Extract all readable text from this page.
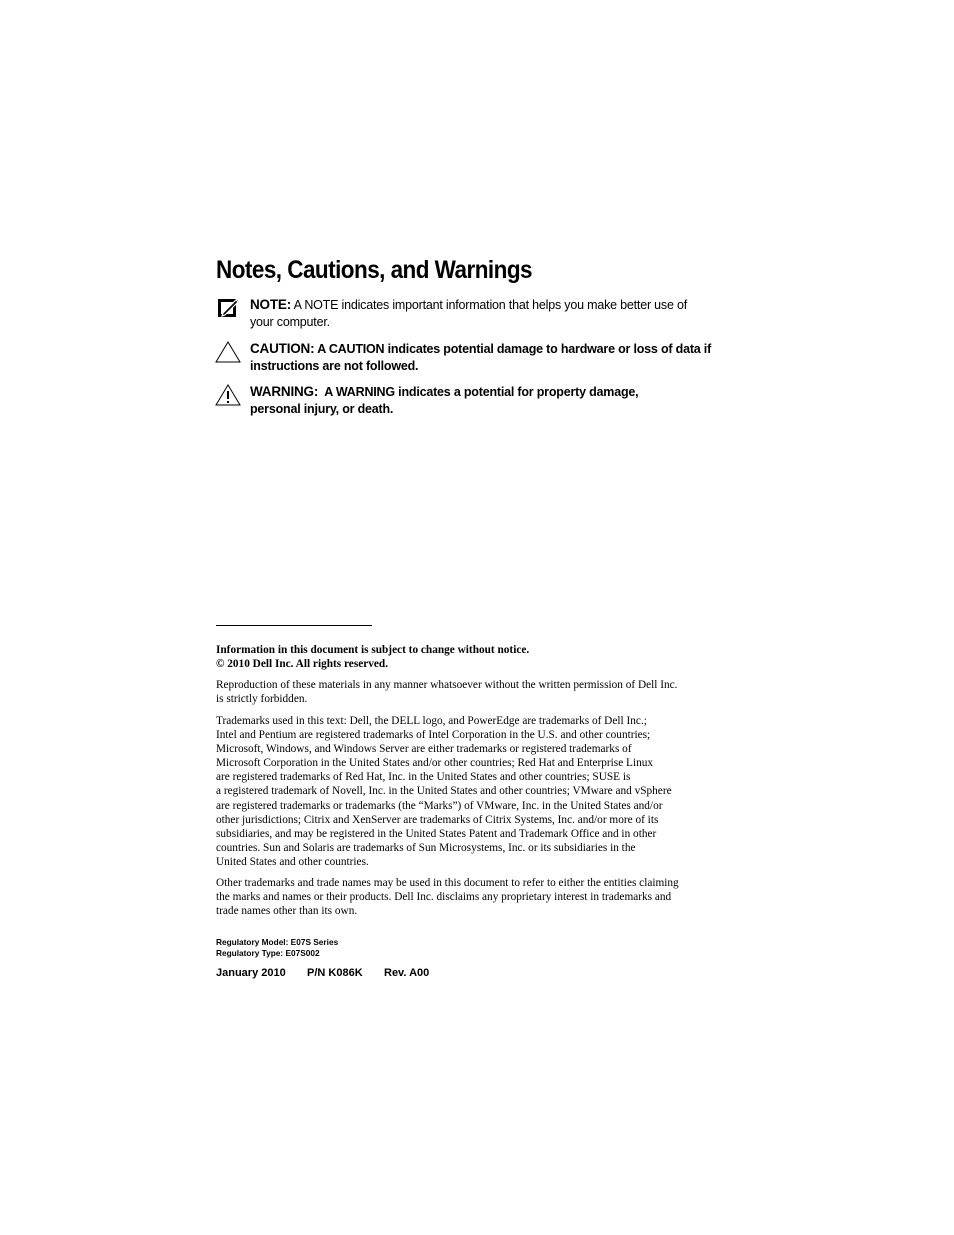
Notes, Cautions, and Warnings
NOTE: A NOTE indicates important information that helps you make better use of
your computer.
CAUTION: A CAUTION indicates potential damage to hardware or loss of data if
instructions are not followed.
WARNING: A WARNING indicates a potential for property damage,
personal injury, or death.
Information in this document is subject to change without notice.
© 2010 Dell Inc. All rights reserved.
Reproduction of these materials in any manner whatsoever without the written permission of Dell Inc.
is strictly forbidden.
Trademarks used in this text: Dell, the DELL logo, and PowerEdge are trademarks of Dell Inc.;
Intel and Pentium are registered trademarks of Intel Corporation in the U.S. and other countries;
Microsoft, Windows, and Windows Server are either trademarks or registered trademarks of
Microsoft Corporation in the United States and/or other countries; Red Hat and Enterprise Linux
are registered trademarks of Red Hat, Inc. in the United States and other countries; SUSE is
a registered trademark of Novell, Inc. in the United States and other countries; VMware and vSphere
are registered trademarks or trademarks (the “Marks”) of VMware, Inc. in the United States and/or
other jurisdictions; Citrix and XenServer are trademarks of Citrix Systems, Inc. and/or more of its
subsidiaries, and may be registered in the United States Patent and Trademark Office and in other
countries. Sun and Solaris are trademarks of Sun Microsystems, Inc. or its subsidiaries in the
United States and other countries.
Other trademarks and trade names may be used in this document to refer to either the entities claiming
the marks and names or their products. Dell Inc. disclaims any proprietary interest in trademarks and
trade names other than its own.
Regulatory Model: E07S Series
Regulatory Type: E07S002
January 2010 P/N K086K Rev. A00
